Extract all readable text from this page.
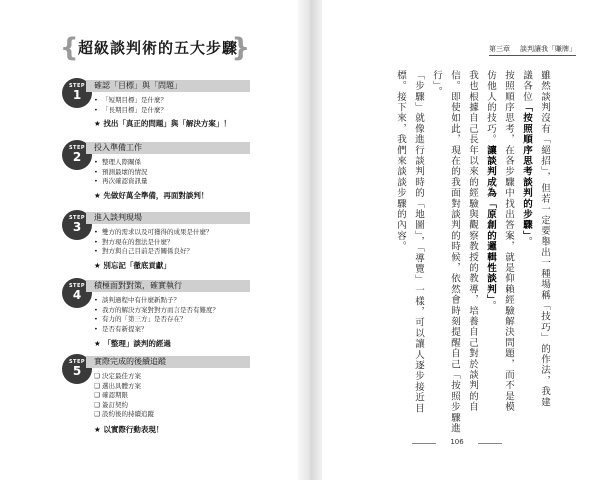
{ 超級談判術的五大步驟
}
STEP
1
確認「目標」與「問題」
• 「短期目標」是什麼？
• 「長期目標」是什麼？
★ 找出「真正的問題」與「解決方案」！
STEP
2
投入準備工作
• 整理人際關係
• 預測最壞的情況
• 再次確認資訊量
★ 先做好萬全準備，再面對談判！
STEP
3
進入談判現場
• 雙方的需求以及可獲得的成果是什麼？
• 對方現在的想法是什麼？
• 對方與自己目前是否關係良好？
★ 別忘記「徹底貢獻」
STEP
4
積極面對對策，確實執行
• 談判過程中有什麼新點子？
• 我方的解決方案對對方而言是否有難度？
• 有力的「第三方」是否存在？
• 是否有新提案？
★ 「整理」談判的經過
STEP
5
實際完成的後續追蹤
❑ 決定最佳方案
❑ 選出具體方案
❑ 確認期限
❑ 簽訂契約
❑ 設約後的持續追蹤
★ 以實際行動表現！
第三章 談判讓我「賺牌」
雖然談判沒有「絕招」，但若一定要舉出一種場稱「技巧」的作法，我建
議各位「按照順序思考談判的步驟」。
按照順序思考，在各步驟中找出答案，就是仰賴經驗解決問題，而不是模
仿他人的技巧。讓談判成為「原創的邏輯性談判」。
我也根據自己長年以來的經驗與觀察教授的教導，培養自己對於談判的自
信。即使如此，現在的我面對談判的時候，依然會時刻提醒自己「按照步驟進
行」。
「步驟」就像進行談判時的「地圖」，「導覽」一樣，可以讓人逐步接近目
標。接下來，我們來談談步驟的內容。
106
